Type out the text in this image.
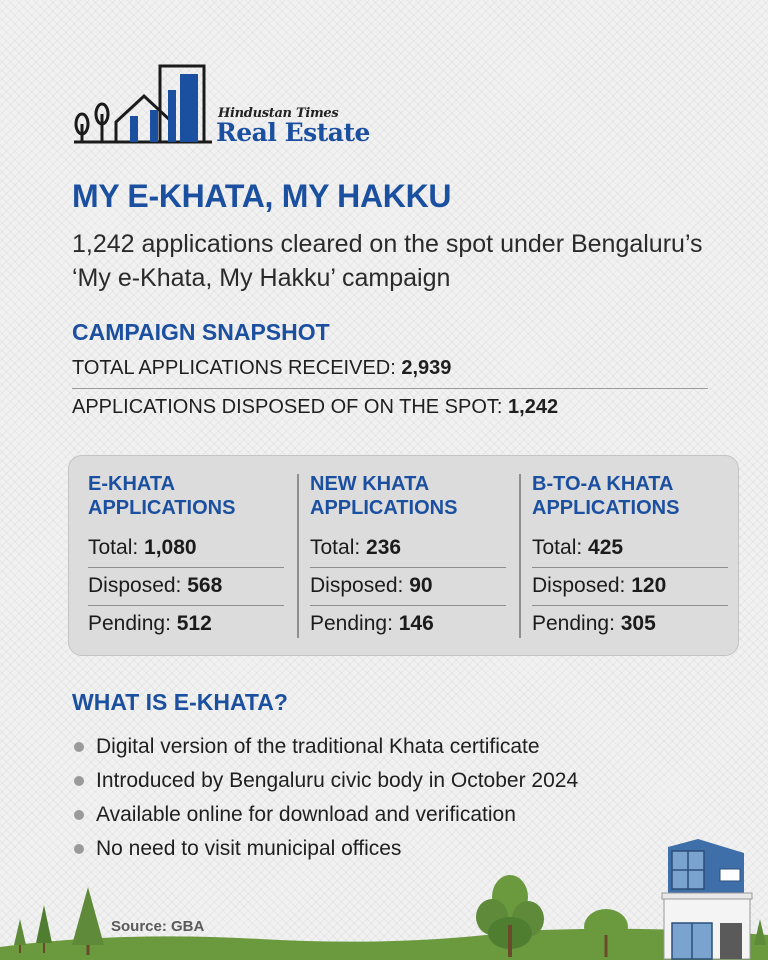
Hindustan Times
Real Estate
MY E-KHATA, MY HAKKU
1,242 applications cleared on the spot under Bengaluru’s ‘My e-Khata, My Hakku’ campaign
CAMPAIGN SNAPSHOT
TOTAL APPLICATIONS RECEIVED: 2,939
APPLICATIONS DISPOSED OF ON THE SPOT: 1,242
E-KHATA APPLICATIONS
Total: 1,080
Disposed: 568
Pending: 512
NEW KHATA APPLICATIONS
Total: 236
Disposed: 90
Pending: 146
B-TO-A KHATA APPLICATIONS
Total: 425
Disposed: 120
Pending: 305
WHAT IS E-KHATA?
Digital version of the traditional Khata certificate
Introduced by Bengaluru civic body in October 2024
Available online for download and verification
No need to visit municipal offices
Source: GBA
